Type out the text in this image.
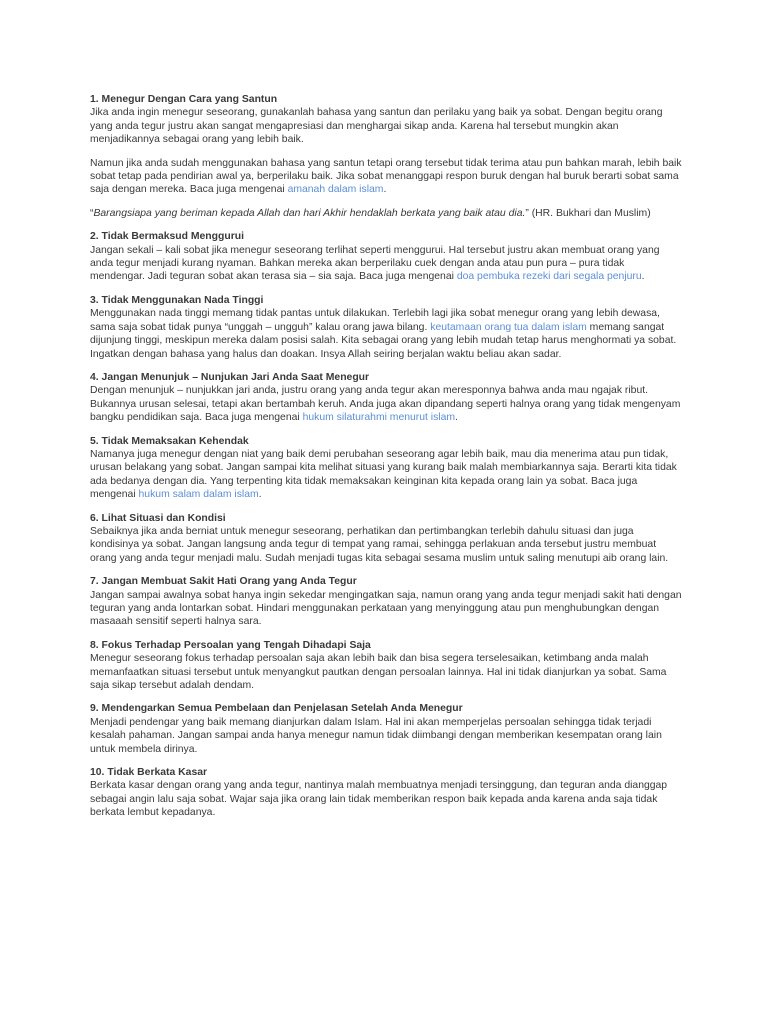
1. Menegur Dengan Cara yang Santun
Jika anda ingin menegur seseorang, gunakanlah bahasa yang santun dan perilaku yang baik ya sobat. Dengan begitu orang yang anda tegur justru akan sangat mengapresiasi dan menghargai sikap anda. Karena hal tersebut mungkin akan menjadikannya sebagai orang yang lebih baik.
Namun jika anda sudah menggunakan bahasa yang santun tetapi orang tersebut tidak terima atau pun bahkan marah, lebih baik sobat tetap pada pendirian awal ya, berperilaku baik. Jika sobat menanggapi respon buruk dengan hal buruk berarti sobat sama saja dengan mereka. Baca juga mengenai amanah dalam islam.
“Barangsiapa yang beriman kepada Allah dan hari Akhir hendaklah berkata yang baik atau dia.” (HR. Bukhari dan Muslim)
2. Tidak Bermaksud Menggurui
Jangan sekali – kali sobat jika menegur seseorang terlihat seperti menggurui. Hal tersebut justru akan membuat orang yang anda tegur menjadi kurang nyaman. Bahkan mereka akan berperilaku cuek dengan anda atau pun pura – pura tidak mendengar. Jadi teguran sobat akan terasa sia – sia saja. Baca juga mengenai doa pembuka rezeki dari segala penjuru.
3. Tidak Menggunakan Nada Tinggi
Menggunakan nada tinggi memang tidak pantas untuk dilakukan. Terlebih lagi jika sobat menegur orang yang lebih dewasa, sama saja sobat tidak punya “unggah – ungguh” kalau orang jawa bilang. keutamaan orang tua dalam islam memang sangat dijunjung tinggi, meskipun mereka dalam posisi salah. Kita sebagai orang yang lebih mudah tetap harus menghormati ya sobat. Ingatkan dengan bahasa yang halus dan doakan. Insya Allah seiring berjalan waktu beliau akan sadar.
4. Jangan Menunjuk – Nunjukan Jari Anda Saat Menegur
Dengan menunjuk – nunjukkan jari anda, justru orang yang anda tegur akan meresponnya bahwa anda mau ngajak ribut. Bukannya urusan selesai, tetapi akan bertambah keruh. Anda juga akan dipandang seperti halnya orang yang tidak mengenyam bangku pendidikan saja. Baca juga mengenai hukum silaturahmi menurut islam.
5. Tidak Memaksakan Kehendak
Namanya juga menegur dengan niat yang baik demi perubahan seseorang agar lebih baik, mau dia menerima atau pun tidak, urusan belakang yang sobat. Jangan sampai kita melihat situasi yang kurang baik malah membiarkannya saja. Berarti kita tidak ada bedanya dengan dia. Yang terpenting kita tidak memaksakan keinginan kita kepada orang lain ya sobat. Baca juga mengenai hukum salam dalam islam.
6. Lihat Situasi dan Kondisi
Sebaiknya jika anda berniat untuk menegur seseorang, perhatikan dan pertimbangkan terlebih dahulu situasi dan juga kondisinya ya sobat. Jangan langsung anda tegur di tempat yang ramai, sehingga perlakuan anda tersebut justru membuat orang yang anda tegur menjadi malu. Sudah menjadi tugas kita sebagai sesama muslim untuk saling menutupi aib orang lain.
7. Jangan Membuat Sakit Hati Orang yang Anda Tegur
Jangan sampai awalnya sobat hanya ingin sekedar mengingatkan saja, namun orang yang anda tegur menjadi sakit hati dengan teguran yang anda lontarkan sobat. Hindari menggunakan perkataan yang menyinggung atau pun menghubungkan dengan masaaah sensitif seperti halnya sara.
8. Fokus Terhadap Persoalan yang Tengah Dihadapi Saja
Menegur seseorang fokus terhadap persoalan saja akan lebih baik dan bisa segera terselesaikan, ketimbang anda malah memanfaatkan situasi tersebut untuk menyangkut pautkan dengan persoalan lainnya. Hal ini tidak dianjurkan ya sobat. Sama saja sikap tersebut adalah dendam.
9. Mendengarkan Semua Pembelaan dan Penjelasan Setelah Anda Menegur
Menjadi pendengar yang baik memang dianjurkan dalam Islam. Hal ini akan memperjelas persoalan sehingga tidak terjadi kesalah pahaman. Jangan sampai anda hanya menegur namun tidak diimbangi dengan memberikan kesempatan orang lain untuk membela dirinya.
10. Tidak Berkata Kasar
Berkata kasar dengan orang yang anda tegur, nantinya malah membuatnya menjadi tersinggung, dan teguran anda dianggap sebagai angin lalu saja sobat. Wajar saja jika orang lain tidak memberikan respon baik kepada anda karena anda saja tidak berkata lembut kepadanya.
